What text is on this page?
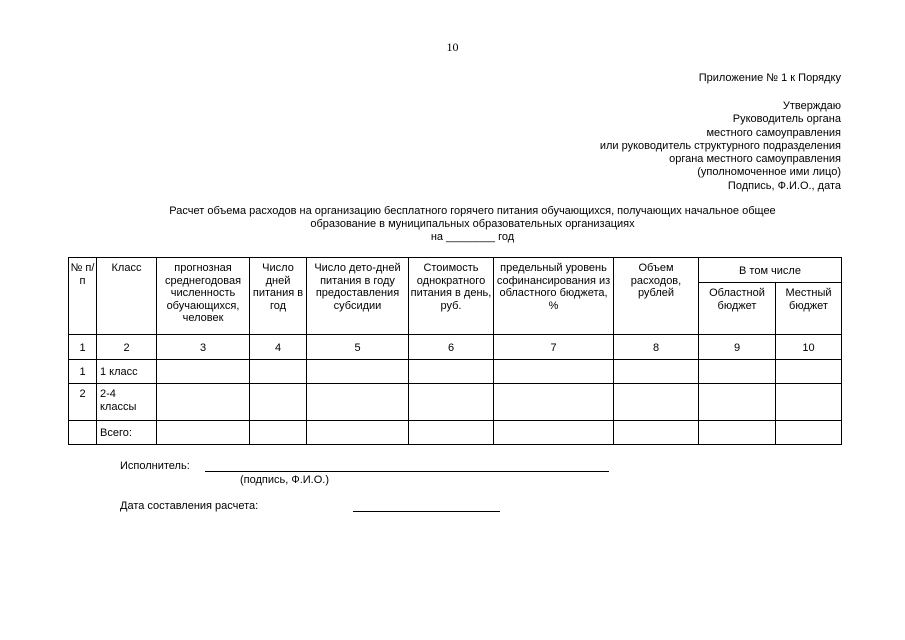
10
Приложение № 1 к Порядку
Утверждаю
Руководитель органа
местного самоуправления
или руководитель структурного подразделения
органа местного самоуправления
(уполномоченное ими лицо)
Подпись, Ф.И.О., дата
Расчет объема расходов на организацию бесплатного горячего питания обучающихся, получающих начальное общее
образование в муниципальных образовательных организациях
на ________ год
№ п/п	Класс	прогнозная среднегодовая численность обучающихся, человек	Число дней питания в год	Число дето-дней питания в году предоставления субсидии	Стоимость однократного питания в день, руб.	предельный уровень софинансирования из областного бюджета, %	Объем расходов, рублей	В том числе	
								Областной бюджет	Местный бюджет
1	2	3	4	5	6	7	8	9	10
1	1 класс								
2	2-4 классы								
	Всего:								
Исполнитель:
(подпись, Ф.И.О.)
Дата составления расчета:
